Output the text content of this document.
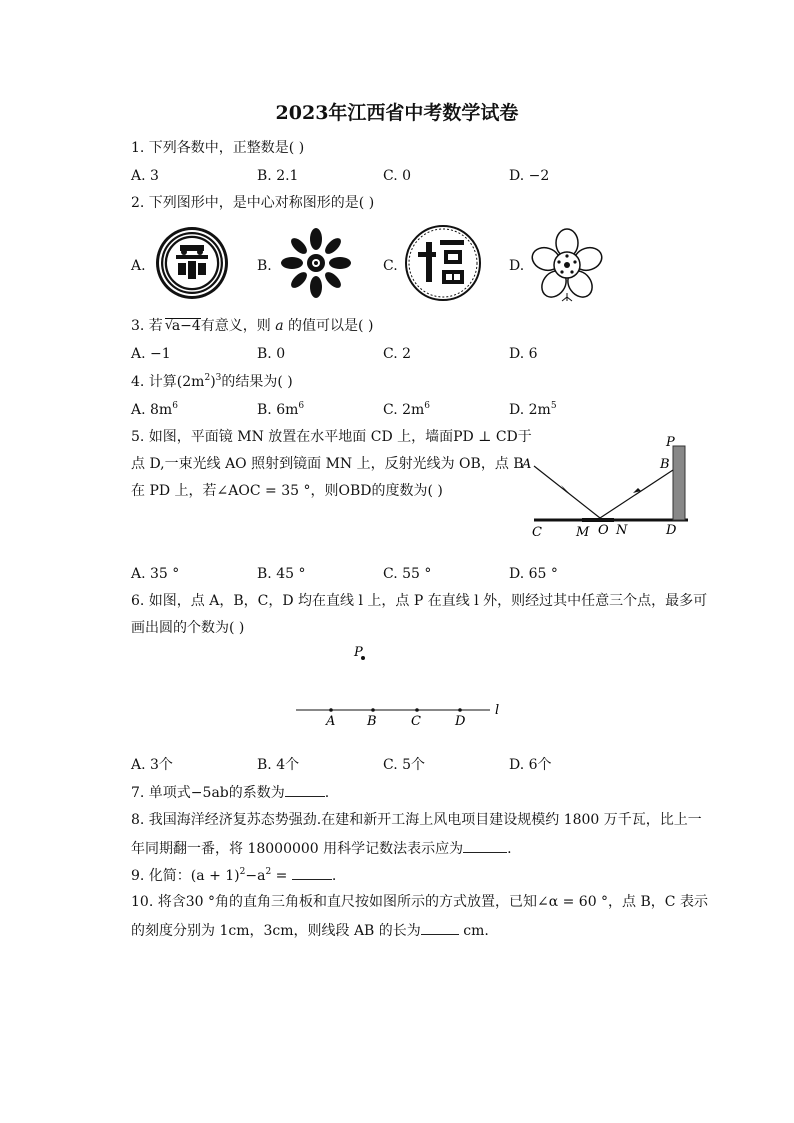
2023年江西省中考数学试卷
1. 下列各数中，正整数是( )
A. 3	B. 2.1	C. 0	D. −2
2. 下列图形中，是中心对称图形的是( )
A.	B.	C.	D.
3. 若 √
a−4有意义，则 a 的值可以是( )
A. −1	B. 0	C. 2	D. 6
4. 计算$(2m^2)^3$的结果为( )
A. $8m^6$	B. $6m^6$	C. $2m^6$	D. $2m^5$
5. 如图，平面镜 MN 放置在水平地面 CD 上，墙面PD ⊥ CD于
点 D,一束光线 AO 照射到镜面 MN 上，反射光线为 OB，点 B
在 PD 上，若∠AOC = 35 °，则OBD的度数为( )
P
A	B
C	M O N	D
A. 35 °	B. 45 °	C. 55 °	D. 65 °
6. 如图，点 A，B，C，D 均在直线 l 上，点 P 在直线 l 外，则经过其中任意三个点，最多可
画出圆的个数为( )
P
A B	C	D
l
A. 3个	B. 4个	C. 5个	D. 6个
7. 单项式−5ab的系数为	.
8. 我国海洋经济复苏态势强劲.在建和新开工海上风电项目建设规模约 1800 万千瓦，比上一
年同期翻一番，将 18000000 用科学记数法表示应为	.
9. 化简：$(a + 1)^2-a^2$ =	.
10. 将含30 °角的直角三角板和直尺按如图所示的方式放置，已知∠α = 60 °，点 B，C 表示
的刻度分别为 1cm，3cm，则线段 AB 的长为	cm.
